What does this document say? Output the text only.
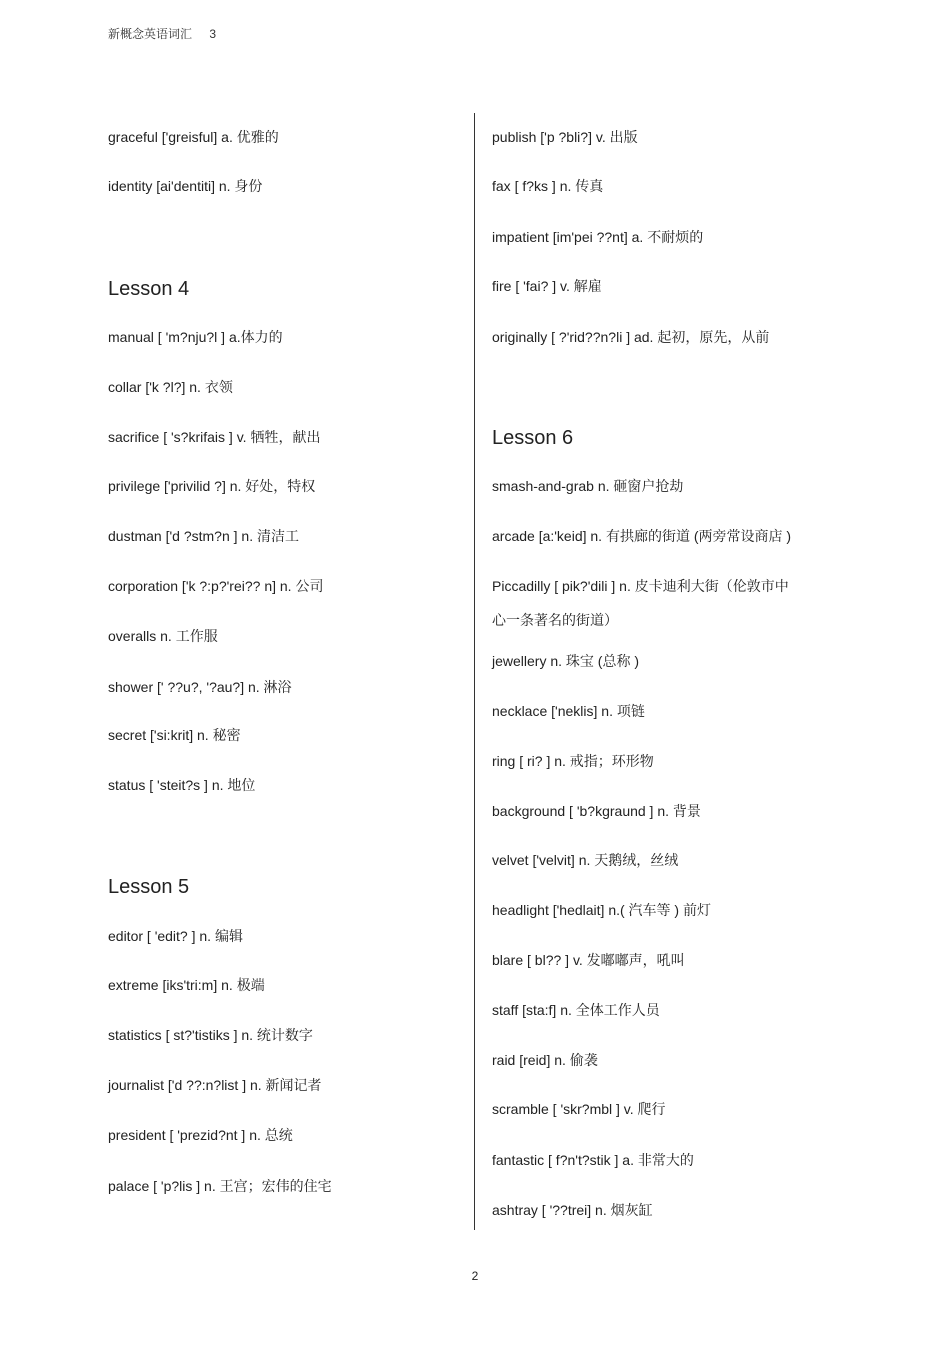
新概念英语词汇 3
graceful ['greisful] a. 优雅的
identity [ai'dentiti] n. 身份
Lesson 4
manual [ 'm?nju?l ] a.体力的
collar ['k ?l?] n. 衣领
sacrifice [ 's?krifais ] v. 牺牲，献出
privilege ['privilid ?] n. 好处，特权
dustman ['d ?stm?n ] n. 清洁工
corporation ['k ?:p?'rei?? n] n. 公司
overalls n. 工作服
shower [' ??u?, '?au?] n. 淋浴
secret ['si:krit] n. 秘密
status [ 'steit?s ] n. 地位
Lesson 5
editor [ 'edit? ] n. 编辑
extreme [iks'tri:m] n. 极端
statistics [ st?'tistiks ] n. 统计数字
journalist ['d ??:n?list ] n. 新闻记者
president [ 'prezid?nt ] n. 总统
palace [ 'p?lis ] n. 王宫；宏伟的住宅
publish ['p ?bli?] v. 出版
fax [ f?ks ] n. 传真
impatient [im'pei ??nt] a. 不耐烦的
fire [ 'fai? ] v. 解雇
originally [ ?'rid??n?li ] ad. 起初，原先，从前
Lesson 6
smash-and-grab n. 砸窗户抢劫
arcade [a:'keid] n. 有拱廊的街道 (两旁常设商店 )
Piccadilly [ pik?'dili ] n. 皮卡迪利大街（伦敦市中
心一条著名的街道）
jewellery n. 珠宝 (总称 )
necklace ['neklis] n. 项链
ring [ ri? ] n. 戒指；环形物
background [ 'b?kgraund ] n. 背景
velvet ['velvit] n. 天鹅绒，丝绒
headlight ['hedlait] n.( 汽车等 ) 前灯
blare [ bl?? ] v. 发嘟嘟声，吼叫
staff [sta:f] n. 全体工作人员
raid [reid] n. 偷袭
scramble [ 'skr?mbl ] v. 爬行
fantastic [ f?n't?stik ] a. 非常大的
ashtray [ '??trei] n. 烟灰缸
2
